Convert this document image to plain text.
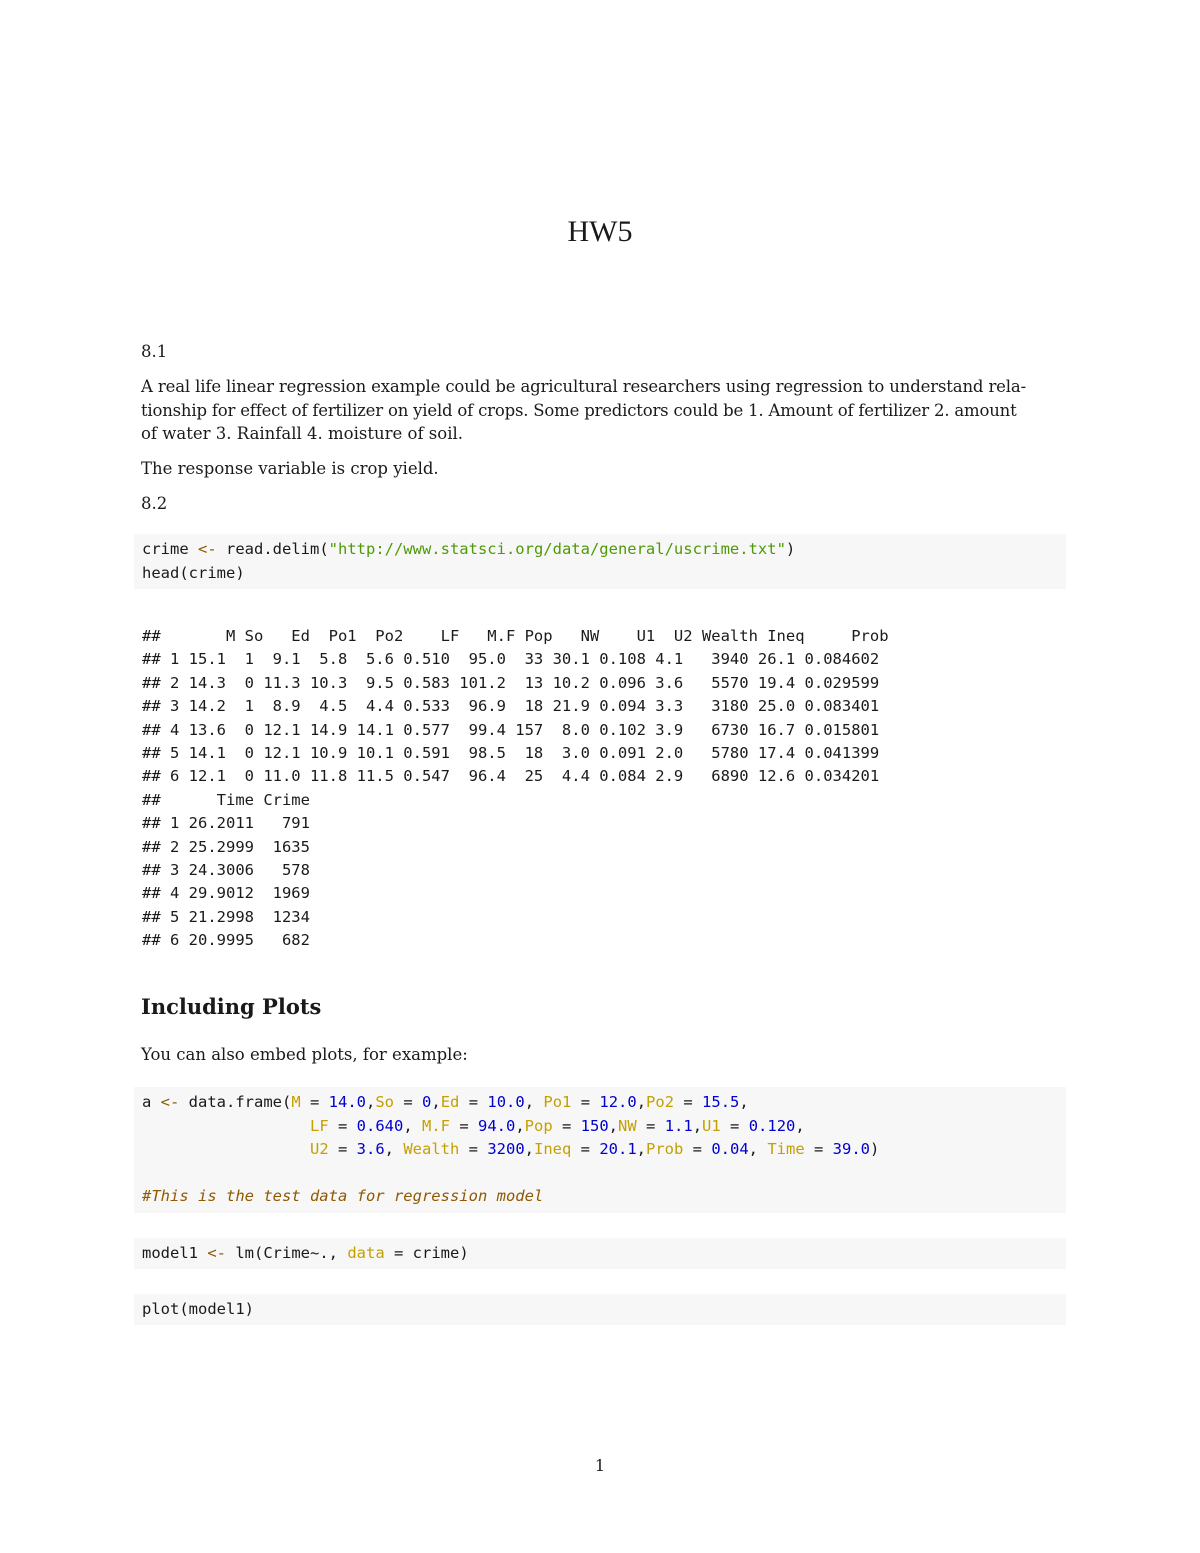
HW5
8.1
A real life linear regression example could be agricultural researchers using regression to understand rela-
tionship for effect of fertilizer on yield of crops. Some predictors could be 1. Amount of fertilizer 2. amount
of water 3. Rainfall 4. moisture of soil.
The response variable is crop yield.
8.2
crime <- read.delim("http://www.statsci.org/data/general/uscrime.txt")
head(crime)
##       M So   Ed  Po1  Po2    LF   M.F Pop   NW    U1  U2 Wealth Ineq     Prob
## 1 15.1  1  9.1  5.8  5.6 0.510  95.0  33 30.1 0.108 4.1   3940 26.1 0.084602
## 2 14.3  0 11.3 10.3  9.5 0.583 101.2  13 10.2 0.096 3.6   5570 19.4 0.029599
## 3 14.2  1  8.9  4.5  4.4 0.533  96.9  18 21.9 0.094 3.3   3180 25.0 0.083401
## 4 13.6  0 12.1 14.9 14.1 0.577  99.4 157  8.0 0.102 3.9   6730 16.7 0.015801
## 5 14.1  0 12.1 10.9 10.1 0.591  98.5  18  3.0 0.091 2.0   5780 17.4 0.041399
## 6 12.1  0 11.0 11.8 11.5 0.547  96.4  25  4.4 0.084 2.9   6890 12.6 0.034201
##      Time Crime
## 1 26.2011   791
## 2 25.2999  1635
## 3 24.3006   578
## 4 29.9012  1969
## 5 21.2998  1234
## 6 20.9995   682
Including Plots
You can also embed plots, for example:
a <- data.frame(M = 14.0,So = 0,Ed = 10.0, Po1 = 12.0,Po2 = 15.5,
LF = 0.640, M.F = 94.0,Pop = 150,NW = 1.1,U1 = 0.120,
U2 = 3.6, Wealth = 3200,Ineq = 20.1,Prob = 0.04, Time = 39.0)

#This is the test data for regression model
model1 <- lm(Crime~., data = crime)
plot(model1)
1
